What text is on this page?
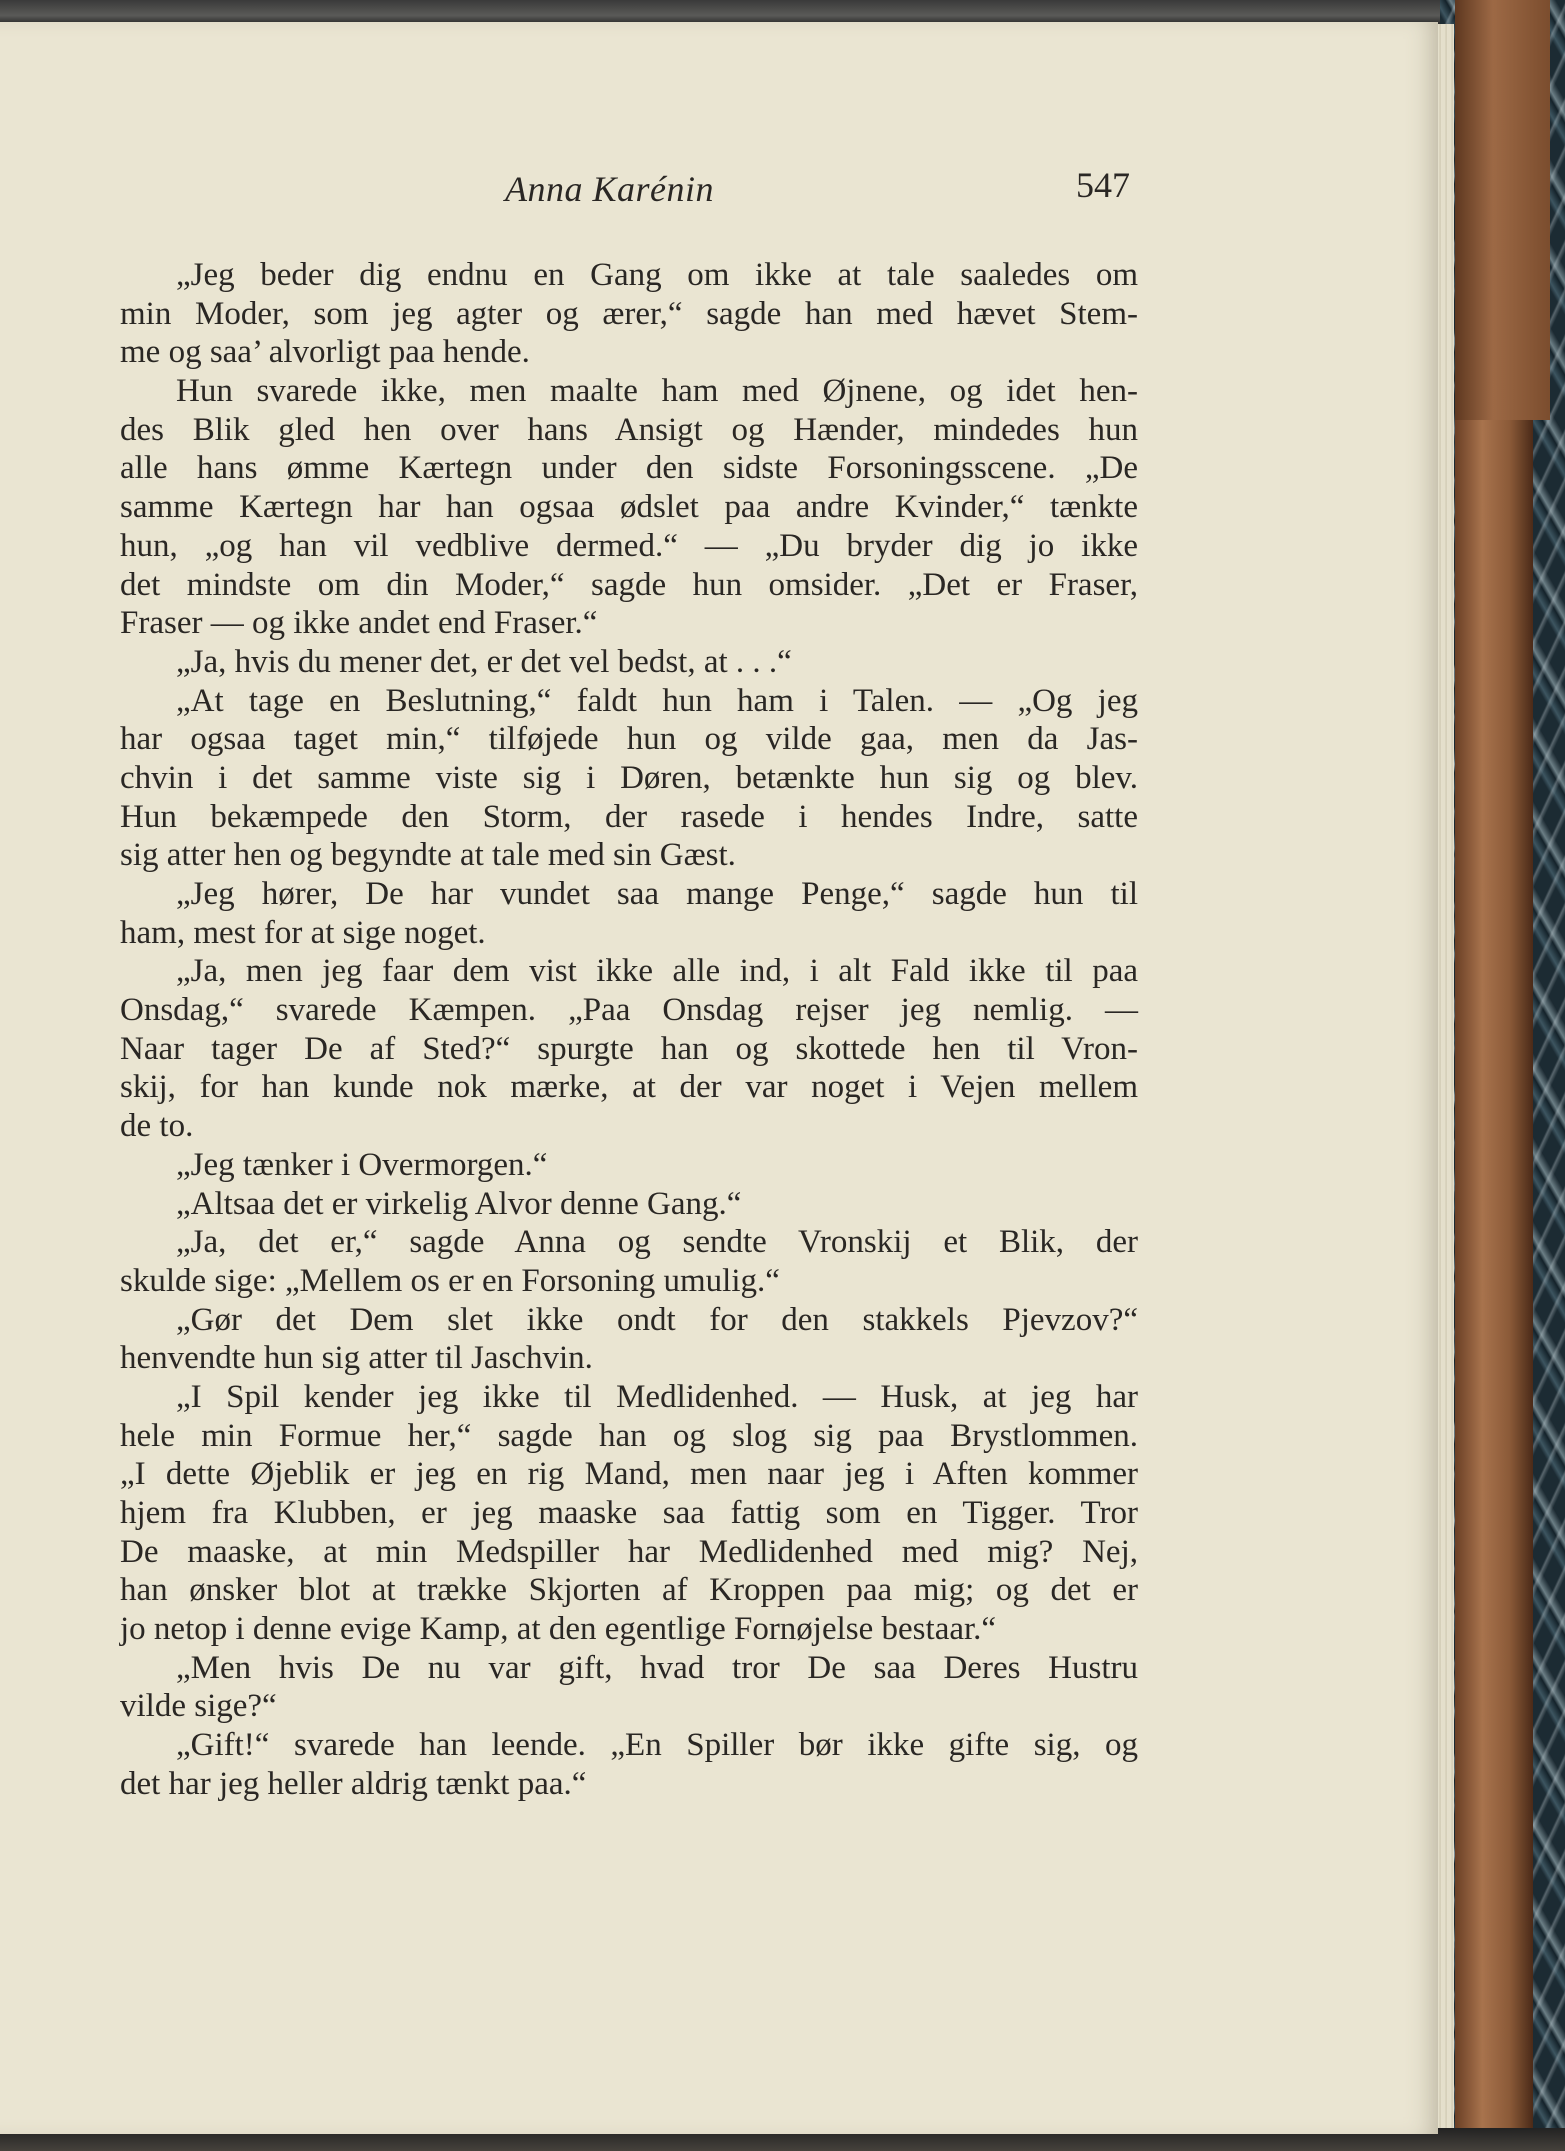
Anna Karénin	547
„Jeg beder dig endnu en Gang om ikke at tale saaledes om
min Moder, som jeg agter og ærer,“ sagde han med hævet Stem-
me og saa’ alvorligt paa hende.
Hun svarede ikke, men maalte ham med Øjnene, og idet hen-
des Blik gled hen over hans Ansigt og Hænder, mindedes hun
alle hans ømme Kærtegn under den sidste Forsoningsscene. „De
samme Kærtegn har han ogsaa ødslet paa andre Kvinder,“ tænkte
hun, „og han vil vedblive dermed.“ — „Du bryder dig jo ikke
det mindste om din Moder,“ sagde hun omsider. „Det er Fraser,
Fraser — og ikke andet end Fraser.“
„Ja, hvis du mener det, er det vel bedst, at . . .“
„At tage en Beslutning,“ faldt hun ham i Talen. — „Og jeg
har ogsaa taget min,“ tilføjede hun og vilde gaa, men da Jas-
chvin i det samme viste sig i Døren, betænkte hun sig og blev.
Hun bekæmpede den Storm, der rasede i hendes Indre, satte
sig atter hen og begyndte at tale med sin Gæst.
„Jeg hører, De har vundet saa mange Penge,“ sagde hun til
ham, mest for at sige noget.
„Ja, men jeg faar dem vist ikke alle ind, i alt Fald ikke til paa
Onsdag,“ svarede Kæmpen. „Paa Onsdag rejser jeg nemlig. —
Naar tager De af Sted?“ spurgte han og skottede hen til Vron-
skij, for han kunde nok mærke, at der var noget i Vejen mellem
de to.
„Jeg tænker i Overmorgen.“
„Altsaa det er virkelig Alvor denne Gang.“
„Ja, det er,“ sagde Anna og sendte Vronskij et Blik, der
skulde sige: „Mellem os er en Forsoning umulig.“
„Gør det Dem slet ikke ondt for den stakkels Pjevzov?“
henvendte hun sig atter til Jaschvin.
„I Spil kender jeg ikke til Medlidenhed. — Husk, at jeg har
hele min Formue her,“ sagde han og slog sig paa Brystlommen.
„I dette Øjeblik er jeg en rig Mand, men naar jeg i Aften kommer
hjem fra Klubben, er jeg maaske saa fattig som en Tigger. Tror
De maaske, at min Medspiller har Medlidenhed med mig? Nej,
han ønsker blot at trække Skjorten af Kroppen paa mig; og det er
jo netop i denne evige Kamp, at den egentlige Fornøjelse bestaar.“
„Men hvis De nu var gift, hvad tror De saa Deres Hustru
vilde sige?“
„Gift!“ svarede han leende. „En Spiller bør ikke gifte sig, og
det har jeg heller aldrig tænkt paa.“
